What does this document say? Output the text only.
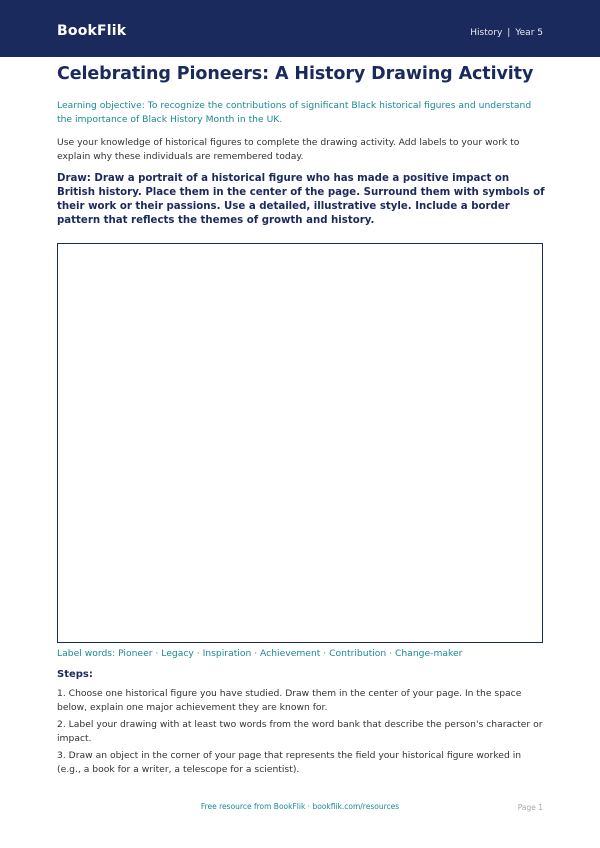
BookFlik	History | Year 5
Celebrating Pioneers: A History Drawing Activity

Learning objective: To recognize the contributions of significant Black historical figures and understand the importance of Black History Month in the UK.

Use your knowledge of historical figures to complete the drawing activity. Add labels to your work to explain why these individuals are remembered today.

Draw: Draw a portrait of a historical figure who has made a positive impact on British history. Place them in the center of the page. Surround them with symbols of their work or their passions. Use a detailed, illustrative style. Include a border pattern that reflects the themes of growth and history.

Label words: Pioneer · Legacy · Inspiration · Achievement · Contribution · Change-maker

Steps:
1. Choose one historical figure you have studied. Draw them in the center of your page. In the space below, explain one major achievement they are known for.
2. Label your drawing with at least two words from the word bank that describe the person's character or impact.
3. Draw an object in the corner of your page that represents the field your historical figure worked in (e.g., a book for a writer, a telescope for a scientist).
Free resource from BookFlik · bookflik.com/resources	Page 1
